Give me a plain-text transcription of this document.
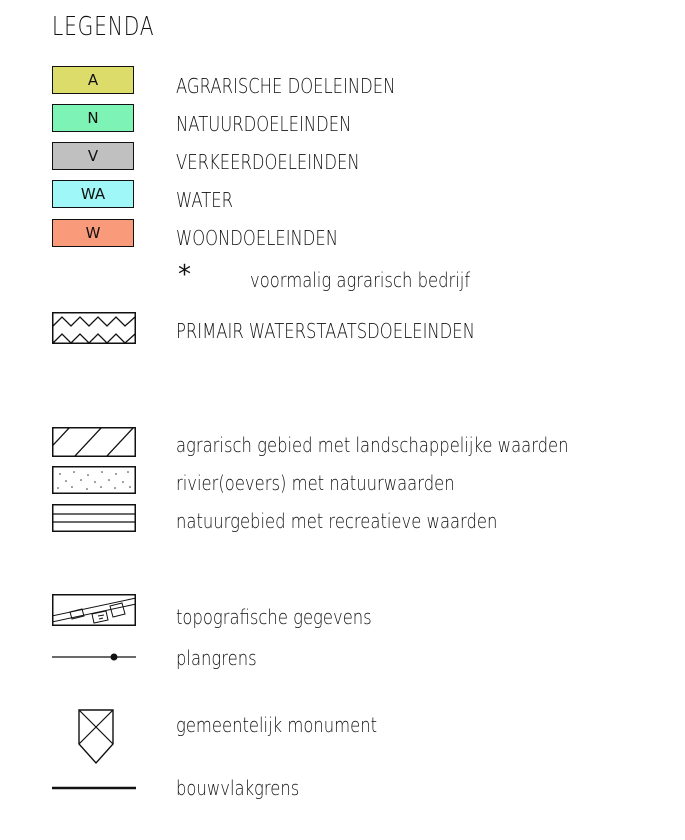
LEGENDA
A	AGRARISCHE DOELEINDEN
N	NATUURDOELEINDEN
V	VERKEERDOELEINDEN
WA	WATER
W	WOONDOELEINDEN
*	voormalig agrarisch bedrijf
PRIMAIR WATERSTAATSDOELEINDEN
agrarisch gebied met landschappelijke waarden
rivier(oevers) met natuurwaarden
natuurgebied met recreatieve waarden
topografische gegevens
plangrens
gemeentelijk monument
bouwvlakgrens
